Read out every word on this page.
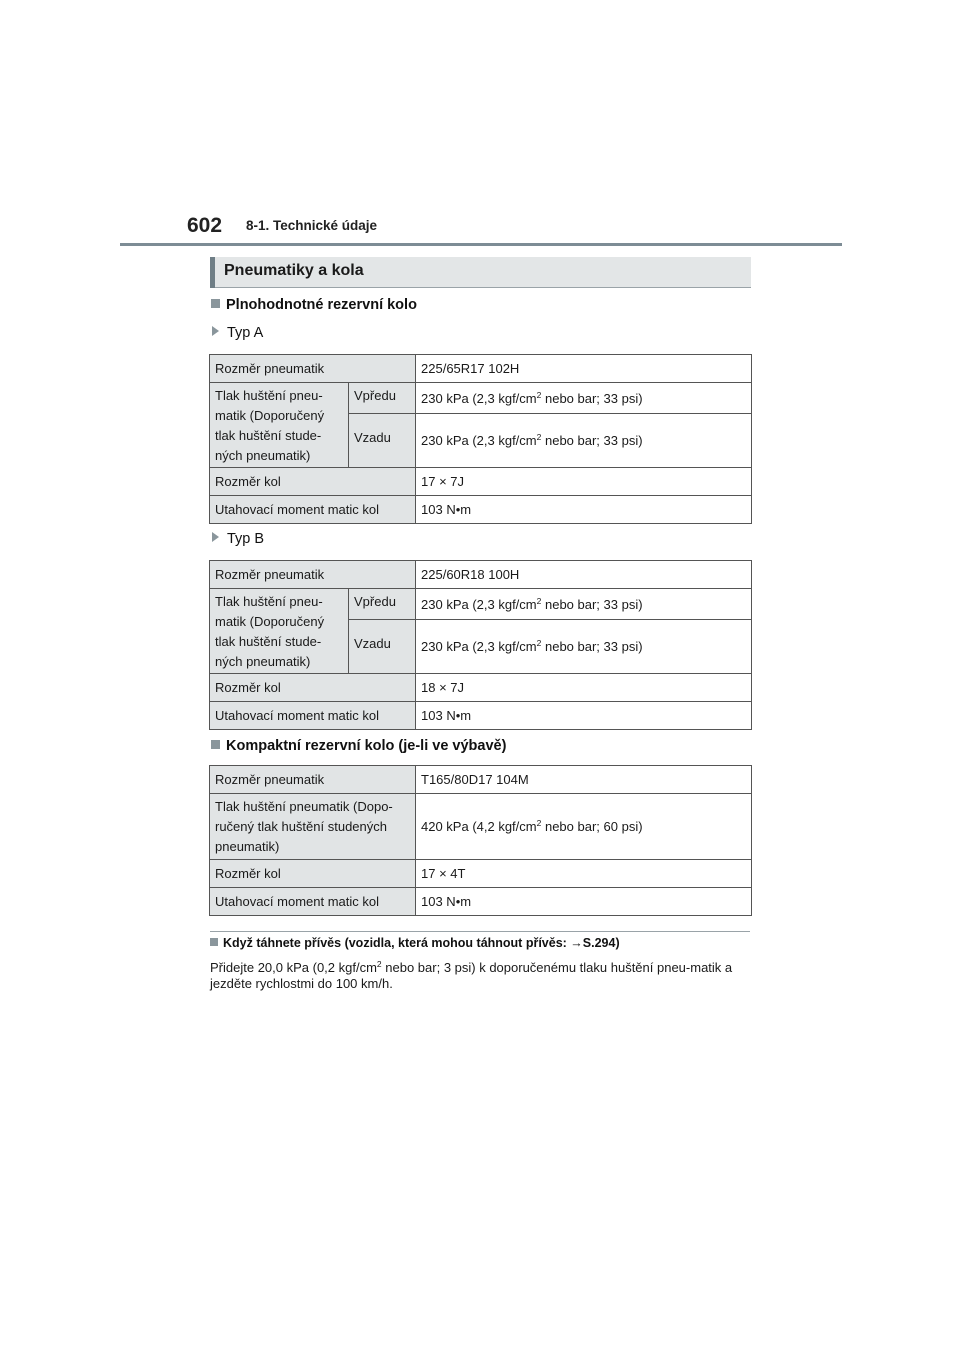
602 8-1. Technické údaje
Pneumatiky a kola
Plnohodnotné rezervní kolo
Typ A
Rozměr pneumatik		225/65R17 102H
Tlak huštění pneu-matik (Doporučený tlak huštění stude-ných pneumatik)	Vpředu	230 kPa (2,3 kgf/$cm^2$ nebo bar; 33 psi)
	Vzadu	230 kPa (2,3 kgf/$cm^2$ nebo bar; 33 psi)
Rozměr kol		17 × 7J
Utahovací moment matic kol		103 N•m
Typ B
Rozměr pneumatik		225/60R18 100H
Tlak huštění pneu-matik (Doporučený tlak huštění stude-ných pneumatik)	Vpředu	230 kPa (2,3 kgf/$cm^2$ nebo bar; 33 psi)
	Vzadu	230 kPa (2,3 kgf/$cm^2$ nebo bar; 33 psi)
Rozměr kol		18 × 7J
Utahovací moment matic kol		103 N•m
Kompaktní rezervní kolo (je-li ve výbavě)
Rozměr pneumatik	T165/80D17 104M
Tlak huštění pneumatik (Dopo-ručený tlak huštění studených pneumatik)	420 kPa (4,2 kgf/$cm^2$ nebo bar; 60 psi)
Rozměr kol	17 × 4T
Utahovací moment matic kol	103 N•m
Když táhnete přívěs (vozidla, která mohou táhnout přívěs: →S.294)
Přidejte 20,0 kPa (0,2 kgf/$cm^2$ nebo bar; 3 psi) k doporučenému tlaku huštění pneu-matik a jezděte rychlostmi do 100 km/h.
